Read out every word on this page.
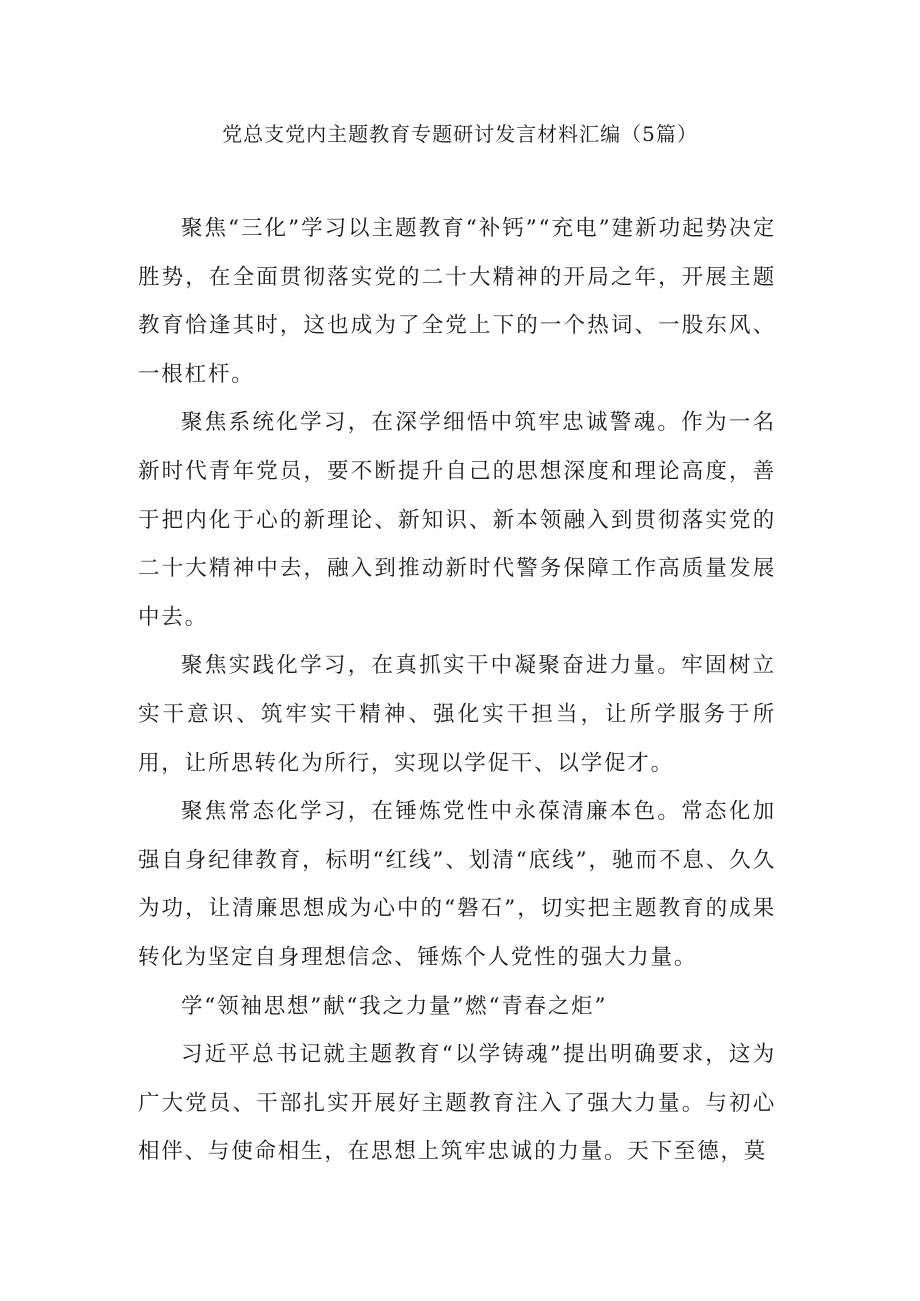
党总支党内主题教育专题研讨发言材料汇编（5篇）

聚焦“三化”学习以主题教育“补钙”“充电”建新功起势决定胜势，在全面贯彻落实党的二十大精神的开局之年，开展主题教育恰逢其时，这也成为了全党上下的一个热词、一股东风、一根杠杆。

聚焦系统化学习，在深学细悟中筑牢忠诚警魂。作为一名新时代青年党员，要不断提升自己的思想深度和理论高度，善于把内化于心的新理论、新知识、新本领融入到贯彻落实党的二十大精神中去，融入到推动新时代警务保障工作高质量发展中去。

聚焦实践化学习，在真抓实干中凝聚奋进力量。牢固树立实干意识、筑牢实干精神、强化实干担当，让所学服务于所用，让所思转化为所行，实现以学促干、以学促才。

聚焦常态化学习，在锤炼党性中永葆清廉本色。常态化加强自身纪律教育，标明“红线”、划清“底线”，驰而不息、久久为功，让清廉思想成为心中的“磐石”，切实把主题教育的成果转化为坚定自身理想信念、锤炼个人党性的强大力量。

学“领袖思想”献“我之力量”燃“青春之炬”

习近平总书记就主题教育“以学铸魂”提出明确要求，这为广大党员、干部扎实开展好主题教育注入了强大力量。与初心相伴、与使命相生，在思想上筑牢忠诚的力量。天下至德，莫
